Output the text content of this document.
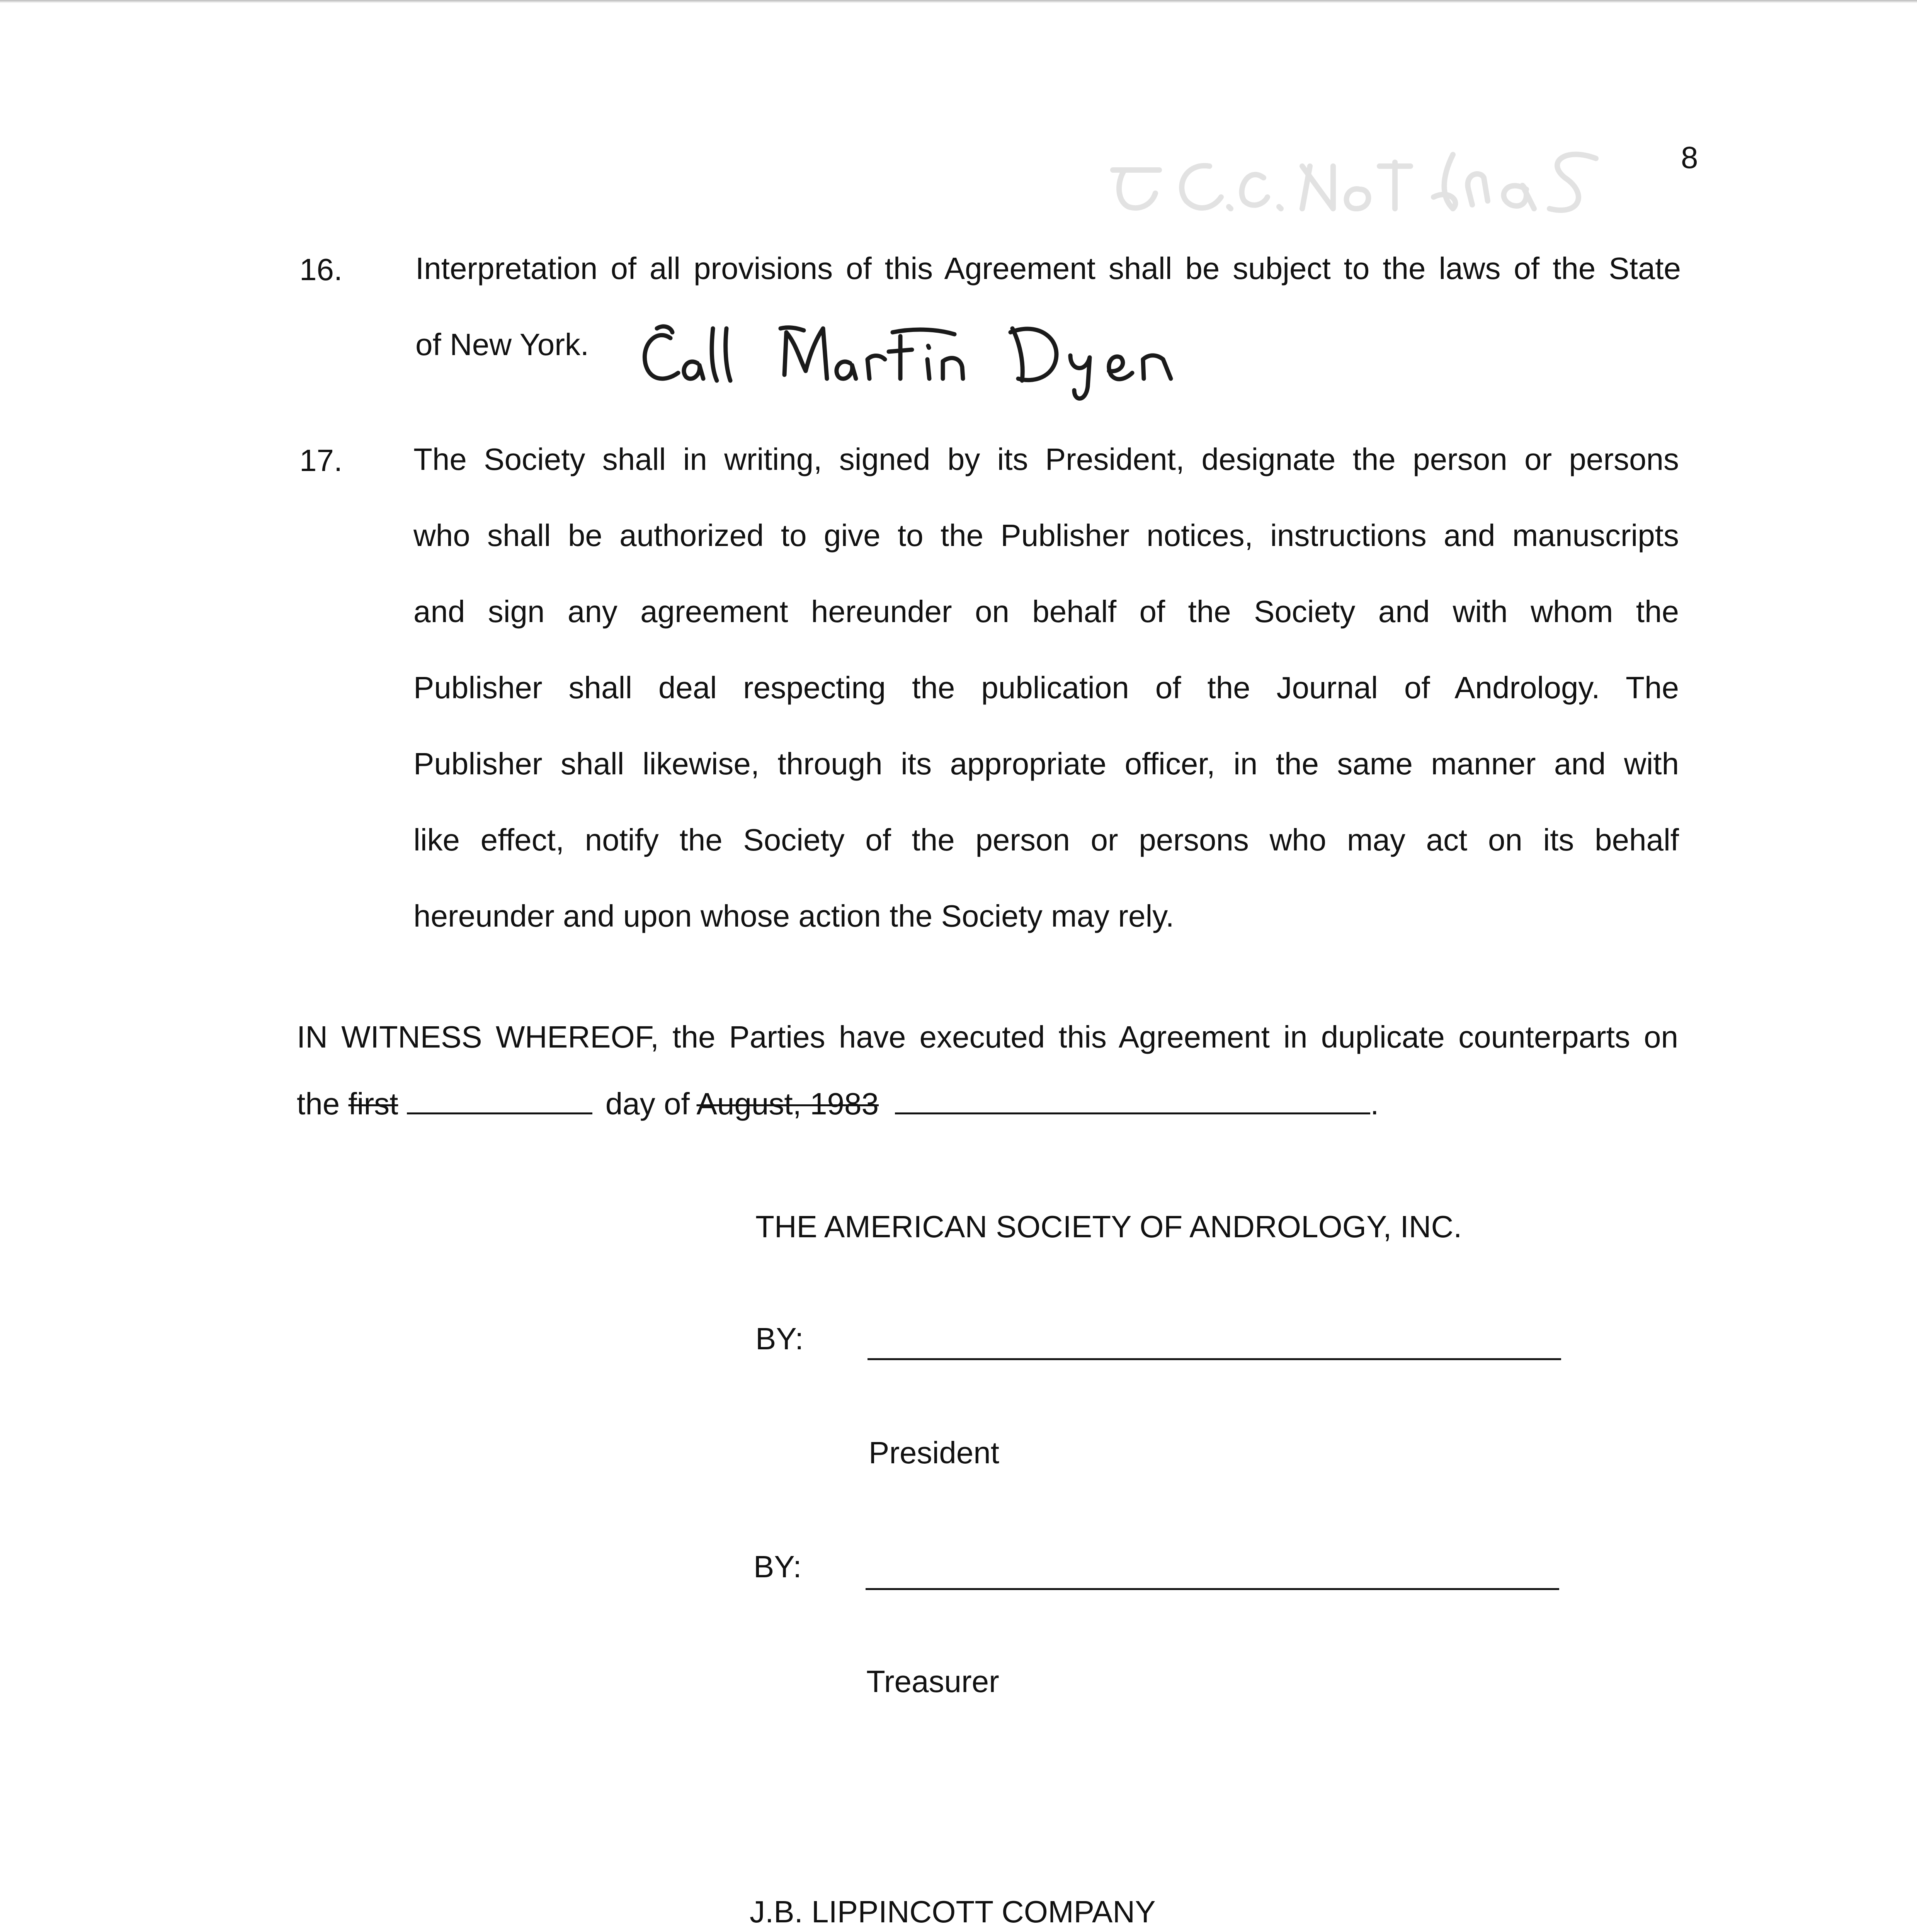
8
16. Interpretation of all provisions of this Agreement shall be subject to the laws of the State
of New York.
17. The Society shall in writing, signed by its President, designate the person or persons
who shall be authorized to give to the Publisher notices, instructions and manuscripts
and sign any agreement hereunder on behalf of the Society and with whom the
Publisher shall deal respecting the publication of the Journal of Andrology. The
Publisher shall likewise, through its appropriate officer, in the same manner and with
like effect, notify the Society of the person or persons who may act on its behalf
hereunder and upon whose action the Society may rely.
IN WITNESS WHEREOF, the Parties have executed this Agreement in duplicate counterparts on
the first	day of August, 1983	.
THE AMERICAN SOCIETY OF ANDROLOGY, INC.
BY:
President
BY:
Treasurer
J.B. LIPPINCOTT COMPANY
